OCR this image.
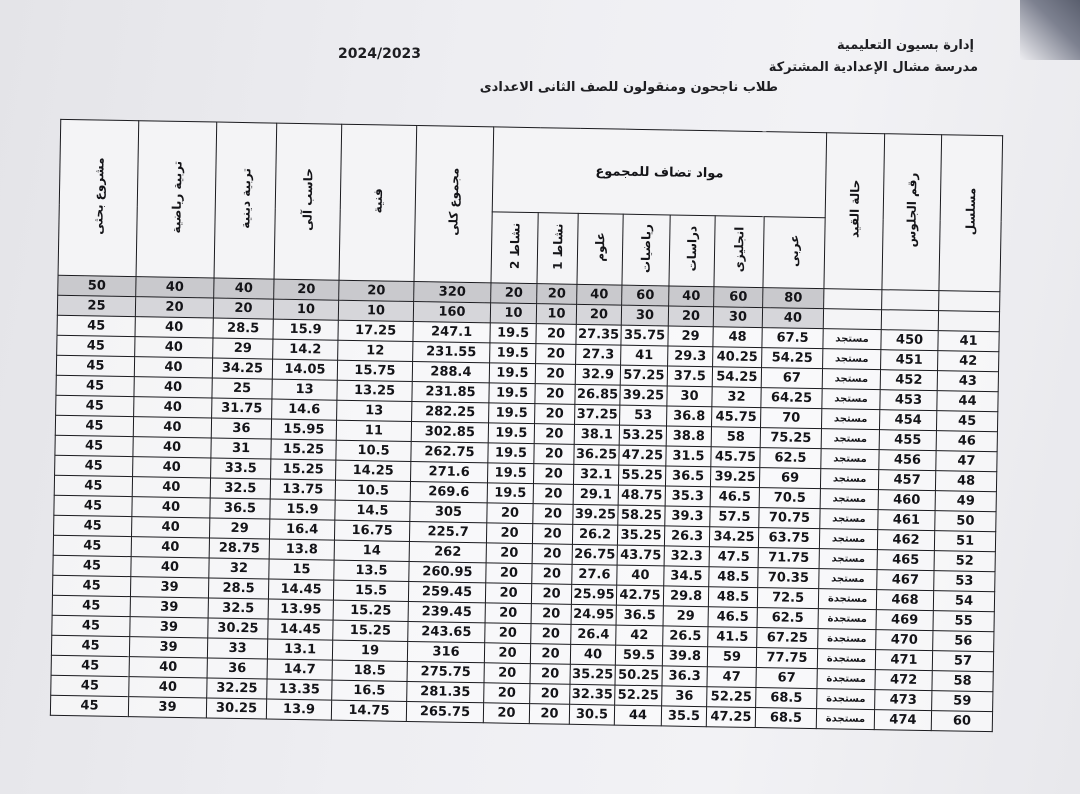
2024/2023
إدارة بسيون التعليمية
مدرسة مشال الإعدادية المشتركة
طلاب ناجحون ومنقولون للصف الثانى الاعدادى
مشروع بحثى	تربية رياضية	تربية دينية	حاسب آلى	فنية	مجموع كلى	مواد تضاف للمجموع							حالة القيد	رقم الجلوس	مسلسل
						نشاط 2	نشاط 1	علوم	رياضيات	دراسات	انجليزى	عربى			
50	40	40	20	20	320	20	20	40	60	40	60	80			
25	20	20	10	10	160	10	10	20	30	20	30	40			
45	40	28.5	15.9	17.25	247.1	19.5	20	27.35	35.75	29	48	67.5	مستجد	450	41
45	40	29	14.2	12	231.55	19.5	20	27.3	41	29.3	40.25	54.25	مستجد	451	42
45	40	34.25	14.05	15.75	288.4	19.5	20	32.9	57.25	37.5	54.25	67	مستجد	452	43
45	40	25	13	13.25	231.85	19.5	20	26.85	39.25	30	32	64.25	مستجد	453	44
45	40	31.75	14.6	13	282.25	19.5	20	37.25	53	36.8	45.75	70	مستجد	454	45
45	40	36	15.95	11	302.85	19.5	20	38.1	53.25	38.8	58	75.25	مستجد	455	46
45	40	31	15.25	10.5	262.75	19.5	20	36.25	47.25	31.5	45.75	62.5	مستجد	456	47
45	40	33.5	15.25	14.25	271.6	19.5	20	32.1	55.25	36.5	39.25	69	مستجد	457	48
45	40	32.5	13.75	10.5	269.6	19.5	20	29.1	48.75	35.3	46.5	70.5	مستجد	460	49
45	40	36.5	15.9	14.5	305	20	20	39.25	58.25	39.3	57.5	70.75	مستجد	461	50
45	40	29	16.4	16.75	225.7	20	20	26.2	35.25	26.3	34.25	63.75	مستجد	462	51
45	40	28.75	13.8	14	262	20	20	26.75	43.75	32.3	47.5	71.75	مستجد	465	52
45	40	32	15	13.5	260.95	20	20	27.6	40	34.5	48.5	70.35	مستجد	467	53
45	39	28.5	14.45	15.5	259.45	20	20	25.95	42.75	29.8	48.5	72.5	مستجدة	468	54
45	39	32.5	13.95	15.25	239.45	20	20	24.95	36.5	29	46.5	62.5	مستجدة	469	55
45	39	30.25	14.45	15.25	243.65	20	20	26.4	42	26.5	41.5	67.25	مستجدة	470	56
45	39	33	13.1	19	316	20	20	40	59.5	39.8	59	77.75	مستجدة	471	57
45	40	36	14.7	18.5	275.75	20	20	35.25	50.25	36.3	47	67	مستجدة	472	58
45	40	32.25	13.35	16.5	281.35	20	20	32.35	52.25	36	52.25	68.5	مستجدة	473	59
45	39	30.25	13.9	14.75	265.75	20	20	30.5	44	35.5	47.25	68.5	مستجدة	474	60
